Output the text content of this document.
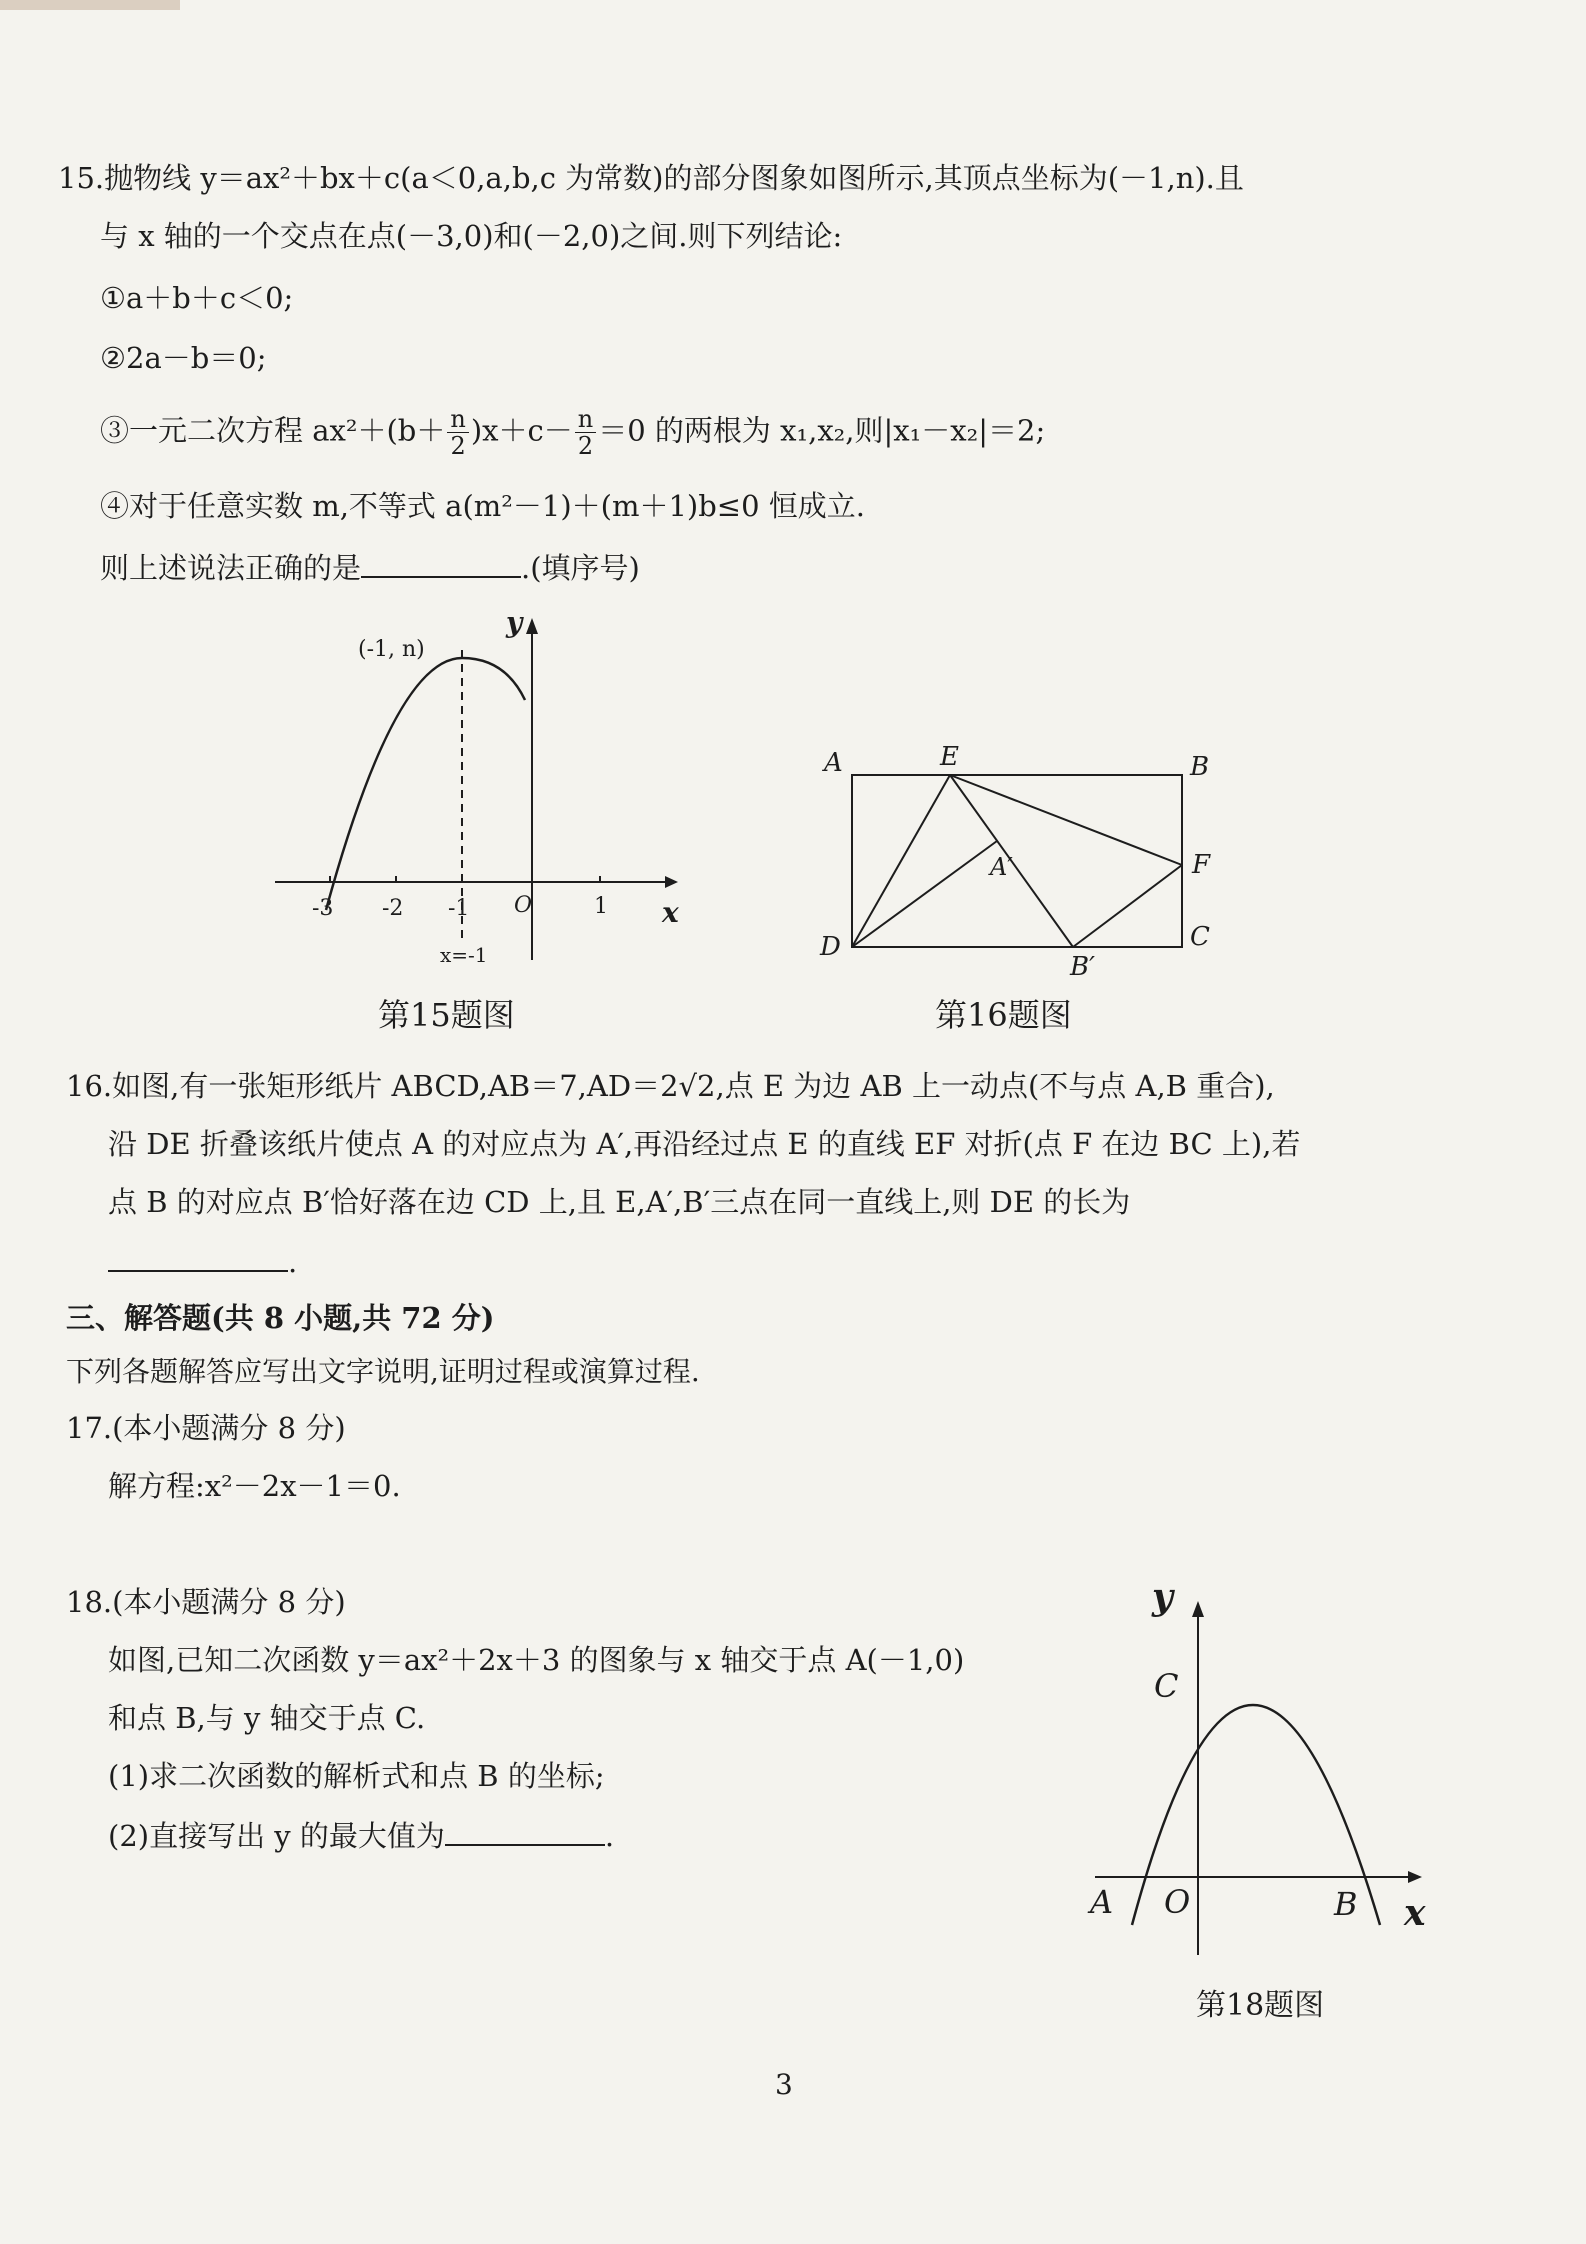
15.抛物线 y＝ax²＋bx＋c(a＜0,a,b,c 为常数)的部分图象如图所示,其顶点坐标为(－1,n).且
与 x 轴的一个交点在点(－3,0)和(－2,0)之间.则下列结论:
①a＋b＋c＜0;
②2a－b＝0;
③一元二次方程 $ax^2+(b+ \frac{n}{2} )x+c- \frac{n}{2} =0$ 的两根为 x₁,x₂,则|x₁－x₂|＝2;
④对于任意实数 m,不等式 a(m²－1)＋(m＋1)b≤0 恒成立.
则上述说法正确的是	.(填序号)
-3 -2 -1	1
O	x
y
(-1, n)
x=-1
第15题图
A	E	B
F
C
B′
D
A′
第16题图
16.如图,有一张矩形纸片 ABCD,AB＝7,AD＝2√2,点 E 为边 AB 上一动点(不与点 A,B 重合),
沿 DE 折叠该纸片使点 A 的对应点为 A′,再沿经过点 E 的直线 EF 对折(点 F 在边 BC 上),若
点 B 的对应点 B′恰好落在边 CD 上,且 E,A′,B′三点在同一直线上,则 DE 的长为
.
三、解答题(共 8 小题,共 72 分)
下列各题解答应写出文字说明,证明过程或演算过程.
17.(本小题满分 8 分)
解方程:x²－2x－1＝0.
18.(本小题满分 8 分)
如图,已知二次函数 y＝ax²＋2x＋3 的图象与 x 轴交于点 A(－1,0)
和点 B,与 y 轴交于点 C.
(1)求二次函数的解析式和点 B 的坐标;
(2)直接写出 y 的最大值为	.
y
x
C
A O	B
第18题图
3
